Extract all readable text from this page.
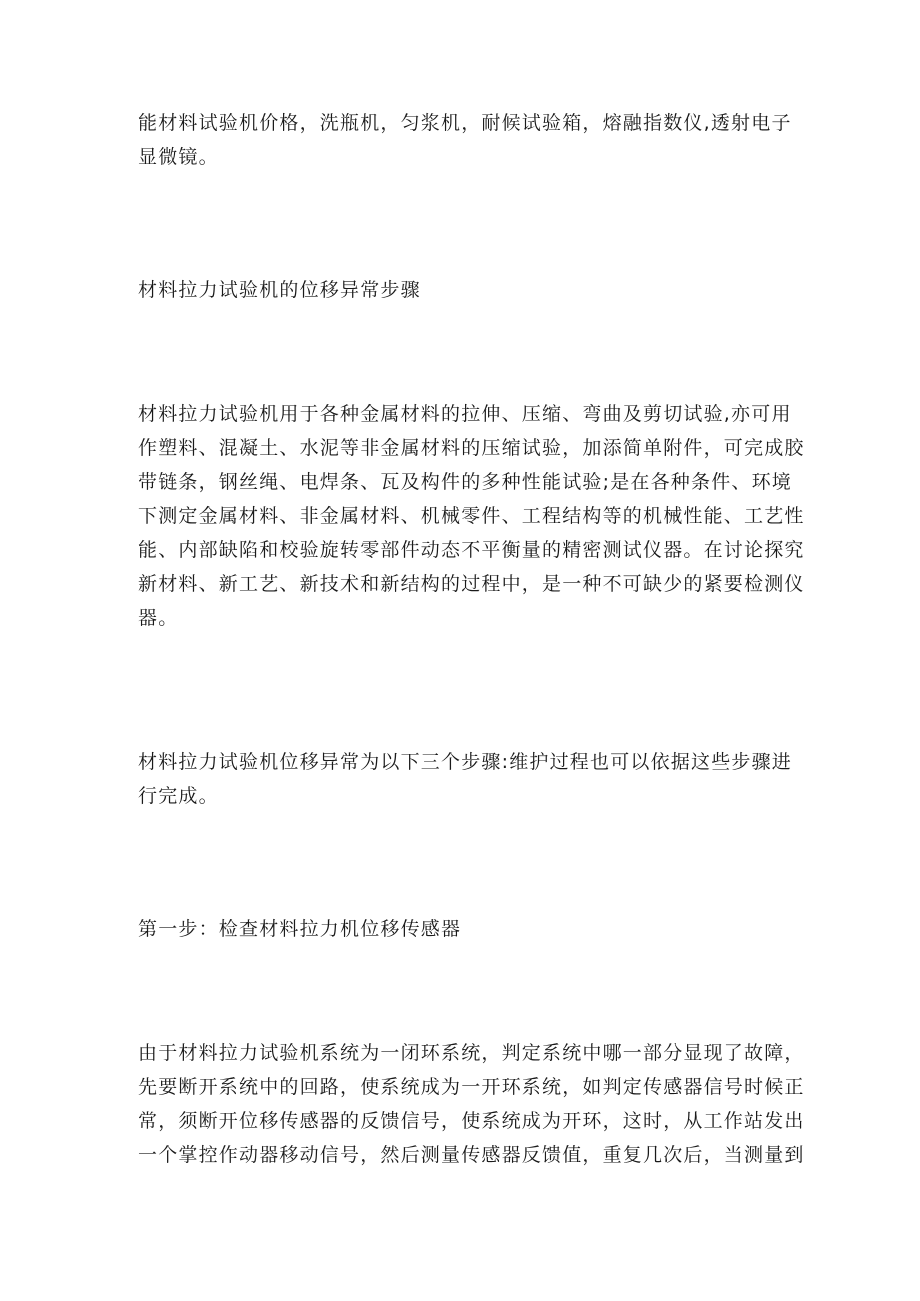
能材料试验机价格，洗瓶机，匀浆机，耐候试验箱，熔融指数仪,透射电子
显微镜。

材料拉力试验机的位移异常步骤

材料拉力试验机用于各种金属材料的拉伸、压缩、弯曲及剪切试验,亦可用
作塑料、混凝土、水泥等非金属材料的压缩试验，加添简单附件，可完成胶
带链条，钢丝绳、电焊条、瓦及构件的多种性能试验;是在各种条件、环境
下测定金属材料、非金属材料、机械零件、工程结构等的机械性能、工艺性
能、内部缺陷和校验旋转零部件动态不平衡量的精密测试仪器。在讨论探究
新材料、新工艺、新技术和新结构的过程中，是一种不可缺少的紧要检测仪
器。

材料拉力试验机位移异常为以下三个步骤:维护过程也可以依据这些步骤进
行完成。

第一步：检查材料拉力机位移传感器

由于材料拉力试验机系统为一闭环系统，判定系统中哪一部分显现了故障，
先要断开系统中的回路，使系统成为一开环系统，如判定传感器信号时候正
常，须断开位移传感器的反馈信号，使系统成为开环，这时，从工作站发出
一个掌控作动器移动信号，然后测量传感器反馈值，重复几次后，当测量到
